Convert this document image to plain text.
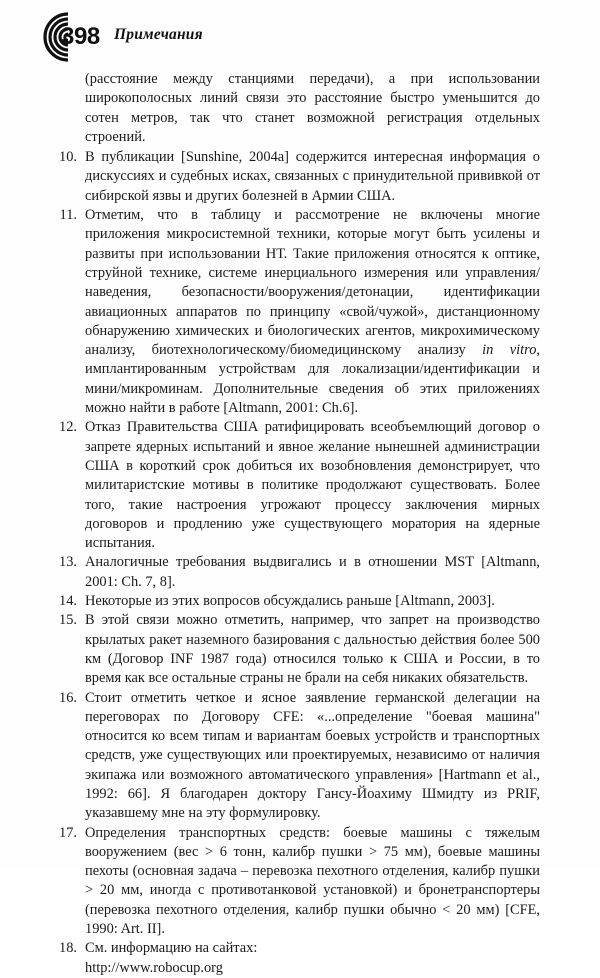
398 Примечания

(расстояние между станциями передачи), а при использовании широкополосных линий связи это расстояние быстро уменьшится до сотен метров, так что станет возможной регистрация отдельных строений.

10. В публикации [Sunshine, 2004a] содержится интересная информация о дискуссиях и судебных исках, связанных с принудительной прививкой от сибирской язвы и других болезней в Армии США.
11. Отметим, что в таблицу и рассмотрение не включены многие приложения микросистемной техники, которые могут быть усилены и развиты при использовании НТ. Такие приложения относятся к оптике, струйной технике, системе инерциального измерения или управления/наведения, безопасности/вооружения/детонации, идентификации авиационных аппаратов по принципу «свой/чужой», дистанционному обнаружению химических и биологических агентов, микрохимическому анализу, биотехнологическому/биомедицинскому анализу in vitro, имплантированным устройствам для локализации/идентификации и мини/микроминам. Дополнительные сведения об этих приложениях можно найти в работе [Altmann, 2001: Ch.6].
12. Отказ Правительства США ратифицировать всеобъемлющий договор о запрете ядерных испытаний и явное желание нынешней администрации США в короткий срок добиться их возобновления демонстрирует, что милитаристские мотивы в политике продолжают существовать. Более того, такие настроения угрожают процессу заключения мирных договоров и продлению уже существующего моратория на ядерные испытания.
13. Аналогичные требования выдвигались и в отношении MST [Altmann, 2001: Ch. 7, 8].
14. Некоторые из этих вопросов обсуждались раньше [Altmann, 2003].
15. В этой связи можно отметить, например, что запрет на производство крылатых ракет наземного базирования с дальностью действия более 500 км (Договор INF 1987 года) относился только к США и России, в то время как все остальные страны не брали на себя никаких обязательств.
16. Стоит отметить четкое и ясное заявление германской делегации на переговорах по Договору CFE: «...определение "боевая машина" относится ко всем типам и вариантам боевых устройств и транспортных средств, уже существующих или проектируемых, независимо от наличия экипажа или возможного автоматического управления» [Hartmann et al., 1992: 66]. Я благодарен доктору Гансу-Йоахиму Шмидту из PRIF, указавшему мне на эту формулировку.
17. Определения транспортных средств: боевые машины с тяжелым вооружением (вес > 6 тонн, калибр пушки > 75 мм), боевые машины пехоты (основная задача – перевозка пехотного отделения, калибр пушки > 20 мм, иногда с противотанковой установкой) и бронетранспортеры (перевозка пехотного отделения, калибр пушки обычно < 20 мм) [CFE, 1990: Art. II].
18. См. информацию на сайтах:
http://www.robocup.org
